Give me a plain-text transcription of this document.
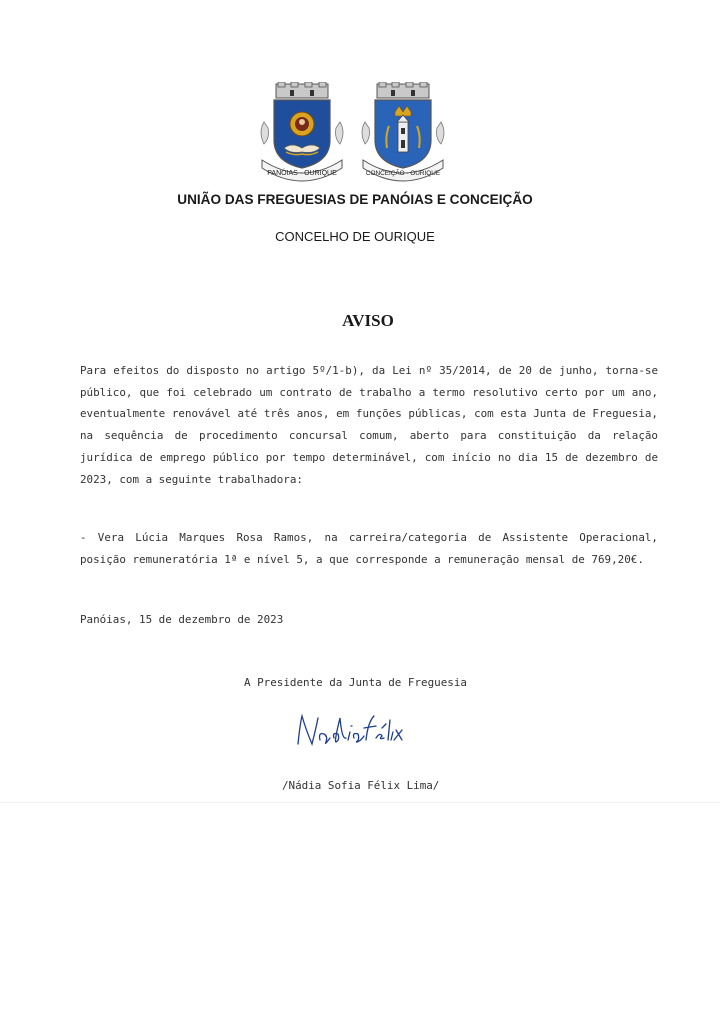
PANÓIAS - OURIQUE	CONCEIÇÃO - OURIQUE
UNIÃO DAS FREGUESIAS DE PANÓIAS E CONCEIÇÃO
CONCELHO DE OURIQUE
AVISO
Para efeitos do disposto no artigo 5º/1-b), da Lei nº 35/2014, de 20 de junho, torna-se público, que foi celebrado um contrato de trabalho a termo resolutivo certo por um ano, eventualmente renovável até três anos, em funções públicas, com esta Junta de Freguesia, na sequência de procedimento concursal comum, aberto para constituição da relação jurídica de emprego público por tempo determinável, com início no dia 15 de dezembro de 2023, com a seguinte trabalhadora:
- Vera Lúcia Marques Rosa Ramos, na carreira/categoria de Assistente Operacional, posição remuneratória 1ª e nível 5, a que corresponde a remuneração mensal de 769,20€.
Panóias, 15 de dezembro de 2023
A Presidente da Junta de Freguesia
/Nádia Sofia Félix Lima/
